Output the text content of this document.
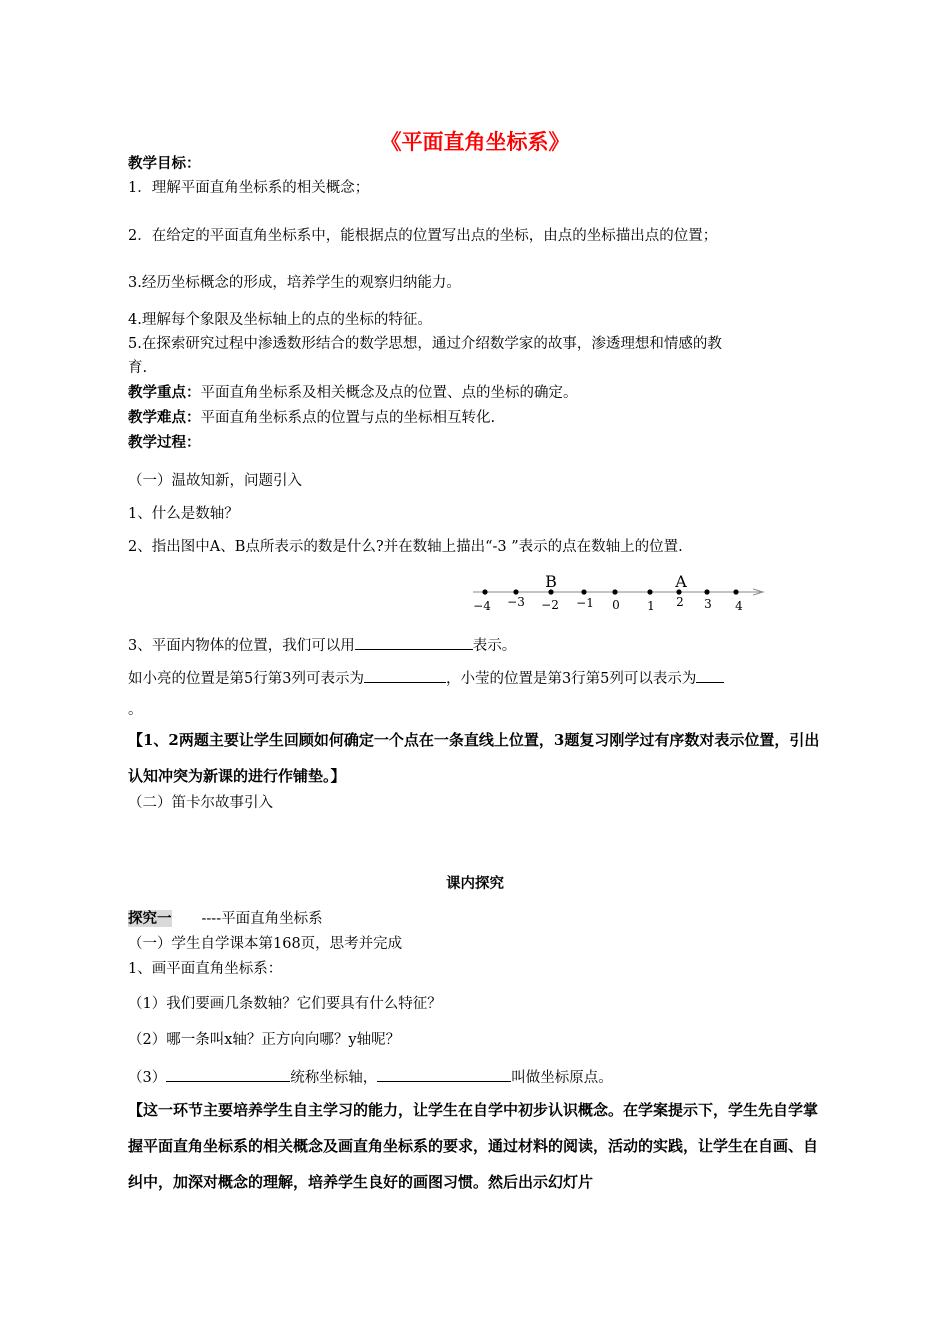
《平面直角坐标系》
教学目标：
1．理解平面直角坐标系的相关概念；
2．在给定的平面直角坐标系中，能根据点的位置写出点的坐标，由点的坐标描出点的位置；
3.经历坐标概念的形成，培养学生的观察归纳能力。
4.理解每个象限及坐标轴上的点的坐标的特征。
5.在探索研究过程中渗透数形结合的数学思想，通过介绍数学家的故事，渗透理想和情感的教
育.
教学重点：平面直角坐标系及相关概念及点的位置、点的坐标的确定。
教学难点：平面直角坐标系点的位置与点的坐标相互转化.
教学过程：
（一）温故知新，问题引入
1、什么是数轴？
2、指出图中A、B点所表示的数是什么?并在数轴上描出“-3 ”表示的点在数轴上的位置.
B	A
−4 −3 −2 −1 0 1 2 3 4
3、平面内物体的位置，我们可以用	表示。
如小亮的位置是第5行第3列可表示为	，小莹的位置是第3行第5列可以表示为
。
【1、2两题主要让学生回顾如何确定一个点在一条直线上位置，3题复习刚学过有序数对表示位置，引出认知冲突为新课的进行作铺垫。】
（二）笛卡尔故事引入
课内探究
探究一 ----平面直角坐标系
（一）学生自学课本第168页，思考并完成
1、画平面直角坐标系：
（1）我们要画几条数轴？它们要具有什么特征？
（2）哪一条叫x轴？正方向向哪？y轴呢？
（3）	统称坐标轴，	叫做坐标原点。
【这一环节主要培养学生自主学习的能力，让学生在自学中初步认识概念。在学案提示下，学生先自学掌握平面直角坐标系的相关概念及画直角坐标系的要求，通过材料的阅读，活动的实践，让学生在自画、自纠中，加深对概念的理解，培养学生良好的画图习惯。然后出示幻灯片
